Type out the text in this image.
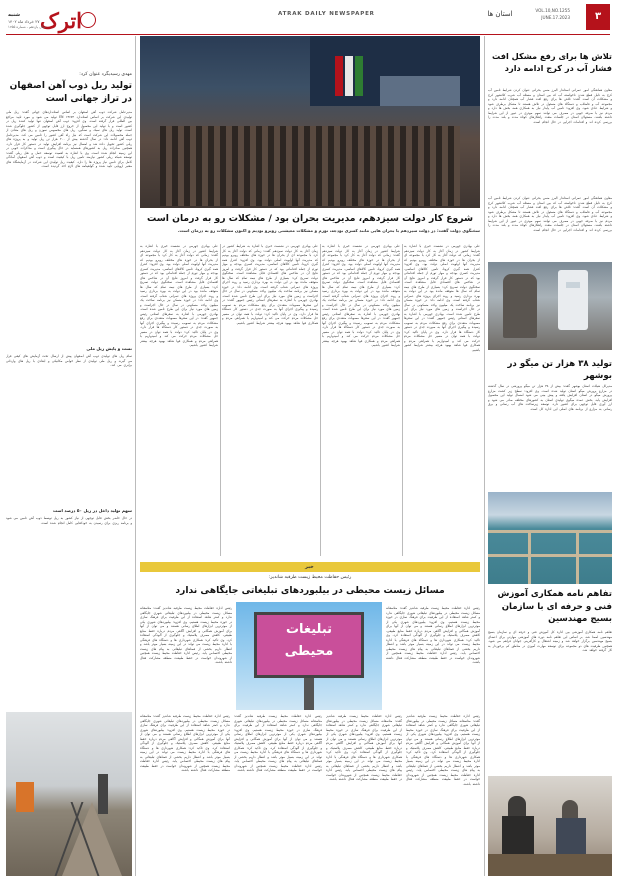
اترک
شنبه
۲۷ خرداد ماه ۱۴۰۲
سال یازدهم - شماره ۱۲۵۵
ATRAK DAILY NEWSPAPER
VOL.10,NO.1255
JUNE.17.2023
استان ها	۳
تلاش ها برای رفع مشکل افت فشار آب در کرج ادامه دارد
معاون هماهنگی امور عمرانی استاندار البرز ضمن بحرانی عنوان کردن شرایط تامین آب کرج به دلیل قطع شدن ناخواسته آب که بین استان و مسئله آب شرب کلانشهر کرج و مشکلات آن است گفت: تلاش ها برای رفع افت فشار آب همچنان ادامه دارد و مجموعه آب و فاضلاب و دستگاه های مسئول در تلاش هستند تا مشکل برطرف شود و شرایط عادی شود. وی افزود: تامین آب پایدار نیاز به همکاری همه بخش ها دارد و مردم نیز با صرفه جویی در مصرف می توانند سهم موثری در عبور از این شرایط داشته باشند. مسئولان استان در جلسات متعدد راهکارهای کوتاه مدت و بلند مدت را بررسی کرده اند و اقدامات اجرایی در حال انجام است.
معاون هماهنگی امور عمرانی استاندار البرز ضمن بحرانی عنوان کردن شرایط تامین آب کرج به دلیل قطع شدن ناخواسته آب که بین استان و مسئله آب شرب کلانشهر کرج و مشکلات آن است گفت: تلاش ها برای رفع افت فشار آب همچنان ادامه دارد و مجموعه آب و فاضلاب و دستگاه های مسئول در تلاش هستند تا مشکل برطرف شود و شرایط عادی شود. وی افزود: تامین آب پایدار نیاز به همکاری همه بخش ها دارد و مردم نیز با صرفه جویی در مصرف می توانند سهم موثری در عبور از این شرایط داشته باشند. مسئولان استان در جلسات متعدد راهکارهای کوتاه مدت و بلند مدت را بررسی کرده اند و اقدامات اجرایی در حال انجام است.
تولید ۳۸ هزار تن میگو در بوشهر
مدیرکل شیلات استان بوشهر گفت: بیش از ۳۸ هزار تن میگو پرورشی در سال گذشته در مزارع پرورش میگو استان تولید شده است. وی افزود: سطح زیر کشت مزارع پرورش میگو در استان افزایش یافته و پیش بینی می شود امسال تولید این محصول افزایش یابد. بخش عمده میگوی تولیدی استان به کشورهای مختلف صادر می شود و ارز آوری قابل توجهی برای کشور دارد. توسعه زیرساخت های آب رسانی و برق رسانی به مزارع از برنامه های اصلی این اداره کل است.
تفاهم نامه همکاری آموزش فنی و حرفه ای با سازمان بسیج مهندسین
تفاهم نامه همکاری آموزشی بین اداره کل آموزش فنی و حرفه ای و سازمان بسیج مهندسین امضا شد. بر اساس این تفاهم نامه دوره های آموزشی مهارتی برای اعضای بسیج مهندسین برگزار خواهد شد و زمینه اشتغال و کارآفرینی جوانان فراهم می شود. همچنین ظرفیت های دو مجموعه برای توسعه مهارت آموزی در مناطق کم برخوردار به کار گرفته خواهد شد.
شروع کار دولت سیزدهم، مدیریت بحران بود / مشکلات رو به درمان است
سخنگوی دولت گفت: در دولت سیزدهم با بحران هایی مانند کسری بودجه، تورم و مشکلات معیشتی روبرو بودیم و اکنون مشکلات رو به درمان است.
علی بهادری جهرمی در نشست خبری با اشاره به شرایط کشور در زمان آغاز به کار دولت سیزدهم گفت: زمانی که دولت آغاز به کار کرد با مجموعه ای از بحران ها در حوزه های مختلف روبرو بودیم که مدیریت آنها اولویت اصلی دولت بود. وی افزود: کنترل همه گیری کرونا، تامین کالاهای اساسی، مدیریت کسری بودجه و مهار تورم از جمله اقداماتی بود که در دستور کار قرار گرفت و امروز نتایج آن در شاخص های اقتصادی قابل مشاهده است. سخنگوی دولت تصریح کرد: بسیاری از طرح های نیمه تمام که سال ها متوقف مانده بود در این دولت به بهره برداری رسید و روند اجرای پروژه های عمرانی شتاب گرفته است. وی ادامه داد: در حوزه مسکن نیز برنامه ساخت یک میلیون واحد مسکونی در سال در حال اجراست و زمین های مورد نیاز برای این طرح تامین شده است. بهادری جهرمی با اشاره به سفرهای استانی رئیس جمهور گفت: در این سفرها مصوبات متعددی برای رفع مشکلات مردم به تصویب رسیده و پیگیری اجرای آنها به صورت جدی در دستور کار دستگاه ها قرار دارد. وی در پایان تاکید کرد: دولت با همه توان در مسیر حل مشکلات مردم حرکت می کند و امیدواریم با همراهی مردم و همکاری قوا شاهد بهبود هرچه بیشتر شرایط کشور باشیم.
علی بهادری جهرمی در نشست خبری با اشاره به شرایط کشور در زمان آغاز به کار دولت سیزدهم گفت: زمانی که دولت آغاز به کار کرد با مجموعه ای از بحران ها در حوزه های مختلف روبرو بودیم که مدیریت آنها اولویت اصلی دولت بود. وی افزود: کنترل همه گیری کرونا، تامین کالاهای اساسی، مدیریت کسری بودجه و مهار تورم از جمله اقداماتی بود که در دستور کار قرار گرفت و امروز نتایج آن در شاخص های اقتصادی قابل مشاهده است. سخنگوی دولت تصریح کرد: بسیاری از طرح های نیمه تمام که سال ها متوقف مانده بود در این دولت به بهره برداری رسید و روند اجرای پروژه های عمرانی شتاب گرفته است. وی ادامه داد: در حوزه مسکن نیز برنامه ساخت یک میلیون واحد مسکونی در سال در حال اجراست و زمین های مورد نیاز برای این طرح تامین شده است. بهادری جهرمی با اشاره به سفرهای استانی رئیس جمهور گفت: در این سفرها مصوبات متعددی برای رفع مشکلات مردم به تصویب رسیده و پیگیری اجرای آنها به صورت جدی در دستور کار دستگاه ها قرار دارد. وی در پایان تاکید کرد: دولت با همه توان در مسیر حل مشکلات مردم حرکت می کند و امیدواریم با همراهی مردم و همکاری قوا شاهد بهبود هرچه بیشتر شرایط کشور باشیم.
علی بهادری جهرمی در نشست خبری با اشاره به شرایط کشور در زمان آغاز به کار دولت سیزدهم گفت: زمانی که دولت آغاز به کار کرد با مجموعه ای از بحران ها در حوزه های مختلف روبرو بودیم که مدیریت آنها اولویت اصلی دولت بود. وی افزود: کنترل همه گیری کرونا، تامین کالاهای اساسی، مدیریت کسری بودجه و مهار تورم از جمله اقداماتی بود که در دستور کار قرار گرفت و امروز نتایج آن در شاخص های اقتصادی قابل مشاهده است. سخنگوی دولت تصریح کرد: بسیاری از طرح های نیمه تمام که سال ها متوقف مانده بود در این دولت به بهره برداری رسید و روند اجرای پروژه های عمرانی شتاب گرفته است. وی ادامه داد: در حوزه مسکن نیز برنامه ساخت یک میلیون واحد مسکونی در سال در حال اجراست و زمین های مورد نیاز برای این طرح تامین شده است. بهادری جهرمی با اشاره به سفرهای استانی رئیس جمهور گفت: در این سفرها مصوبات متعددی برای رفع مشکلات مردم به تصویب رسیده و پیگیری اجرای آنها به صورت جدی در دستور کار دستگاه ها قرار دارد. وی در پایان تاکید کرد: دولت با همه توان در مسیر حل مشکلات مردم حرکت می کند و امیدواریم با همراهی مردم و همکاری قوا شاهد بهبود هرچه بیشتر شرایط کشور باشیم.
علی بهادری جهرمی در نشست خبری با اشاره به شرایط کشور در زمان آغاز به کار دولت سیزدهم گفت: زمانی که دولت آغاز به کار کرد با مجموعه ای از بحران ها در حوزه های مختلف روبرو بودیم که مدیریت آنها اولویت اصلی دولت بود. وی افزود: کنترل همه گیری کرونا، تامین کالاهای اساسی، مدیریت کسری بودجه و مهار تورم از جمله اقداماتی بود که در دستور کار قرار گرفت و امروز نتایج آن در شاخص های اقتصادی قابل مشاهده است. سخنگوی دولت تصریح کرد: بسیاری از طرح های نیمه تمام که سال ها متوقف مانده بود در این دولت به بهره برداری رسید و روند اجرای پروژه های عمرانی شتاب گرفته است. وی ادامه داد: در حوزه مسکن نیز برنامه ساخت یک میلیون واحد مسکونی در سال در حال اجراست و زمین های مورد نیاز برای این طرح تامین شده است. بهادری جهرمی با اشاره به سفرهای استانی رئیس جمهور گفت: در این سفرها مصوبات متعددی برای رفع مشکلات مردم به تصویب رسیده و پیگیری اجرای آنها به صورت جدی در دستور کار دستگاه ها قرار دارد. وی در پایان تاکید کرد: دولت با همه توان در مسیر حل مشکلات مردم حرکت می کند و امیدواریم با همراهی مردم و همکاری قوا شاهد بهبود هرچه بیشتر شرایط کشور باشیم.
خبر
رئیس حفاظت محیط زیست طرقبه شاندیز:
مسائل زیست محیطی در بیلبوردهای تبلیغاتی جایگاهی ندارد
تبلیغات
محیطی
رئیس اداره حفاظت محیط زیست طرقبه شاندیز گفت: متاسفانه مسائل زیست محیطی در بیلبوردهای تبلیغاتی شهری جایگاهی ندارد و کمتر شاهد استفاده از این ظرفیت برای فرهنگ سازی در حوزه محیط زیست هستیم. وی افزود: بیلبوردهای شهری یکی از موثرترین ابزارهای اطلاع رسانی هستند و می توان از آنها برای آموزش همگانی و افزایش آگاهی مردم درباره حفظ منابع طبیعی، کاهش مصرف پلاستیک و جلوگیری از آلودگی استفاده کرد. وی تاکید کرد: همکاری شهرداری ها و دستگاه های فرهنگی با اداره محیط زیست می تواند در این زمینه بسیار موثر باشد و انتظار داریم بخشی از فضاهای تبلیغاتی به پیام های زیست محیطی اختصاص یابد. رئیس اداره حفاظت محیط زیست همچنین از شهروندان خواست در حفظ طبیعت منطقه مشارکت فعال داشته باشند.
رئیس اداره حفاظت محیط زیست طرقبه شاندیز گفت: متاسفانه مسائل زیست محیطی در بیلبوردهای تبلیغاتی شهری جایگاهی ندارد و کمتر شاهد استفاده از این ظرفیت برای فرهنگ سازی در حوزه محیط زیست هستیم. وی افزود: بیلبوردهای شهری یکی از موثرترین ابزارهای اطلاع رسانی هستند و می توان از آنها برای آموزش همگانی و افزایش آگاهی مردم درباره حفظ منابع طبیعی، کاهش مصرف پلاستیک و جلوگیری از آلودگی استفاده کرد. وی تاکید کرد: همکاری شهرداری ها و دستگاه های فرهنگی با اداره محیط زیست می تواند در این زمینه بسیار موثر باشد و انتظار داریم بخشی از فضاهای تبلیغاتی به پیام های زیست محیطی اختصاص یابد. رئیس اداره حفاظت محیط زیست همچنین از شهروندان خواست در حفظ طبیعت منطقه مشارکت فعال داشته باشند.
رئیس اداره حفاظت محیط زیست طرقبه شاندیز گفت: متاسفانه مسائل زیست محیطی در بیلبوردهای تبلیغاتی شهری جایگاهی ندارد و کمتر شاهد استفاده از این ظرفیت برای فرهنگ سازی در حوزه محیط زیست هستیم. وی افزود: بیلبوردهای شهری یکی از موثرترین ابزارهای اطلاع رسانی هستند و می توان از آنها برای آموزش همگانی و افزایش آگاهی مردم درباره حفظ منابع طبیعی، کاهش مصرف پلاستیک و جلوگیری از آلودگی استفاده کرد. وی تاکید کرد: همکاری شهرداری ها و دستگاه های فرهنگی با اداره محیط زیست می تواند در این زمینه بسیار موثر باشد و انتظار داریم بخشی از فضاهای تبلیغاتی به پیام های زیست محیطی اختصاص یابد. رئیس اداره حفاظت محیط زیست همچنین از شهروندان خواست در حفظ طبیعت منطقه مشارکت فعال داشته باشند.
رئیس اداره حفاظت محیط زیست طرقبه شاندیز گفت: متاسفانه مسائل زیست محیطی در بیلبوردهای تبلیغاتی شهری جایگاهی ندارد و کمتر شاهد استفاده از این ظرفیت برای فرهنگ سازی در حوزه محیط زیست هستیم. وی افزود: بیلبوردهای شهری یکی از موثرترین ابزارهای اطلاع رسانی هستند و می توان از آنها برای آموزش همگانی و افزایش آگاهی مردم درباره حفظ منابع طبیعی، کاهش مصرف پلاستیک و جلوگیری از آلودگی استفاده کرد. وی تاکید کرد: همکاری شهرداری ها و دستگاه های فرهنگی با اداره محیط زیست می تواند در این زمینه بسیار موثر باشد و انتظار داریم بخشی از فضاهای تبلیغاتی به پیام های زیست محیطی اختصاص یابد. رئیس اداره حفاظت محیط زیست همچنین از شهروندان خواست در حفظ طبیعت منطقه مشارکت فعال داشته باشند.
رئیس اداره حفاظت محیط زیست طرقبه شاندیز گفت: متاسفانه مسائل زیست محیطی در بیلبوردهای تبلیغاتی شهری جایگاهی ندارد و کمتر شاهد استفاده از این ظرفیت برای فرهنگ سازی در حوزه محیط زیست هستیم. وی افزود: بیلبوردهای شهری یکی از موثرترین ابزارهای اطلاع رسانی هستند و می توان از آنها برای آموزش همگانی و افزایش آگاهی مردم درباره حفظ منابع طبیعی، کاهش مصرف پلاستیک و جلوگیری از آلودگی استفاده کرد. وی تاکید کرد: همکاری شهرداری ها و دستگاه های فرهنگی با اداره محیط زیست می تواند در این زمینه بسیار موثر باشد و انتظار داریم بخشی از فضاهای تبلیغاتی به پیام های زیست محیطی اختصاص یابد. رئیس اداره حفاظت محیط زیست همچنین از شهروندان خواست در حفظ طبیعت منطقه مشارکت فعال داشته باشند.
رئیس اداره حفاظت محیط زیست طرقبه شاندیز گفت: متاسفانه مسائل زیست محیطی در بیلبوردهای تبلیغاتی شهری جایگاهی ندارد و کمتر شاهد استفاده از این ظرفیت برای فرهنگ سازی در حوزه محیط زیست هستیم. وی افزود: بیلبوردهای شهری یکی از موثرترین ابزارهای اطلاع رسانی هستند و می توان از آنها برای آموزش همگانی و افزایش آگاهی مردم درباره حفظ منابع طبیعی، کاهش مصرف پلاستیک و جلوگیری از آلودگی استفاده کرد. وی تاکید کرد: همکاری شهرداری ها و دستگاه های فرهنگی با اداره محیط زیست می تواند در این زمینه بسیار موثر باشد و انتظار داریم بخشی از فضاهای تبلیغاتی به پیام های زیست محیطی اختصاص یابد. رئیس اداره حفاظت محیط زیست همچنین از شهروندان خواست در حفظ طبیعت منطقه مشارکت فعال داشته باشند.
مهدی رسیدیگرد عنوان کرد:
تولید ریل ذوب آهن اصفهان در تراز جهانی است
مدیرعامل شرکت ذوب آهن اصفهان بر اساس استانداردهای جهانی گفت: ریل ملی تولیدی این شرکت بر اساس استاندارد EN ۱۳۶۷۴ تولید می شود و مورد تایید مراجع بین المللی قرار گرفته است. وی افزود: ذوب آهن اصفهان تنها تولید کننده ریل در کشور است و با تولید این محصول از خروج ارز قابل توجهی از کشور جلوگیری شده است. تولید ریل های سبک و سنگین، ریل های مخصوص سوزن و ریل های معادن از جمله محصولات این شرکت است که نیاز راه آهن کشور را تامین می کند. مدیرعامل ذوب آهن ادامه داد: در سال گذشته بیش از ۲۰۰ هزار تن ریل تولید و به پروژه های ریلی کشور تحویل داده شد و امسال نیز برنامه افزایش تولید در دستور کار قرار دارد. همچنین صادرات ریل به کشورهای همسایه در حال پیگیری است و مذاکرات خوبی در این زمینه انجام شده است. وی با اشاره به اهمیت توسعه حمل و نقل ریلی گفت: توسعه شبکه ریلی کشور نیازمند تامین ریل با کیفیت است و ذوب آهن اصفهان آمادگی کامل برای تامین نیاز پروژه ها را دارد. کیفیت ریل تولیدی این شرکت در آزمایشگاه های معتبر اروپایی تایید شده و گواهینامه های لازم اخذ گردیده است.
تست و پایش ریل ملی
تمام ریل های تولیدی ذوب آهن اصفهان پیش از ارسال تحت آزمایش های کیفی قرار می گیرند و ریل ملی تولیدی از نظر خواص مکانیکی و ابعادی با ریل های وارداتی برابری می کند.
سهم تولید داخل در ریل ۵۰ درصد است
در حال حاضر بخش قابل توجهی از نیاز کشور به ریل توسط ذوب آهن تامین می شود و برنامه ریزی برای رسیدن به خودکفایی کامل انجام شده است.
